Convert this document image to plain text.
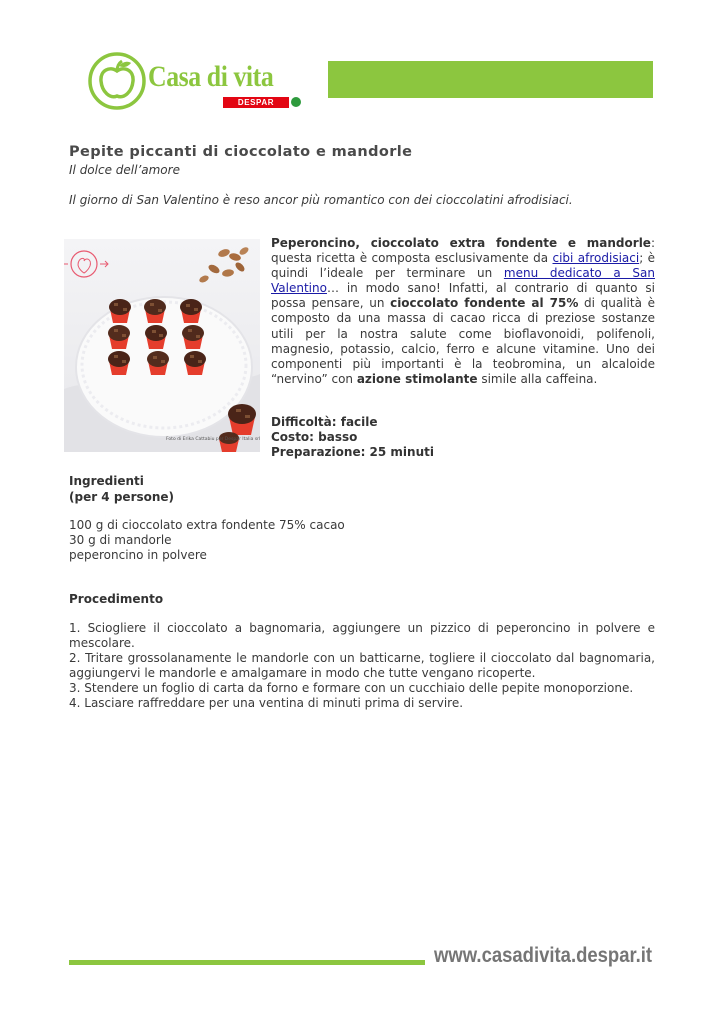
Casa di vita
DESPAR
Pepite piccanti di cioccolato e mandorle
Il dolce dell’amore
Il giorno di San Valentino è reso ancor più romantico con dei cioccolatini afrodisiaci.
Foto di Erika Cattabiu per Despar Italia srl
Peperoncino, cioccolato extra fondente e mandorle: questa ricetta è composta esclusivamente da cibi afrodisiaci; è quindi l’ideale per terminare un menu dedicato a San Valentino… in modo sano! Infatti, al contrario di quanto si possa pensare, un cioccolato fondente al 75% di qualità è composto da una massa di cacao ricca di preziose sostanze utili per la nostra salute come bioflavonoidi, polifenoli, magnesio, potassio, calcio, ferro e alcune vitamine. Uno dei componenti più importanti è la teobromina, un alcaloide “nervino” con azione stimolante simile alla caffeina.
Difficoltà: facile
Costo: basso
Preparazione: 25 minuti
Ingredienti
(per 4 persone)
100 g di cioccolato extra fondente 75% cacao
30 g di mandorle
peperoncino in polvere
Procedimento

1. Sciogliere il cioccolato a bagnomaria, aggiungere un pizzico di peperoncino in polvere e mescolare.

2. Tritare grossolanamente le mandorle con un batticarne, togliere il cioccolato dal bagnomaria, aggiungervi le mandorle e amalgamare in modo che tutte vengano ricoperte.

3. Stendere un foglio di carta da forno e formare con un cucchiaio delle pepite monoporzione.

4. Lasciare raffreddare per una ventina di minuti prima di servire.

www.casadivita.despar.it
